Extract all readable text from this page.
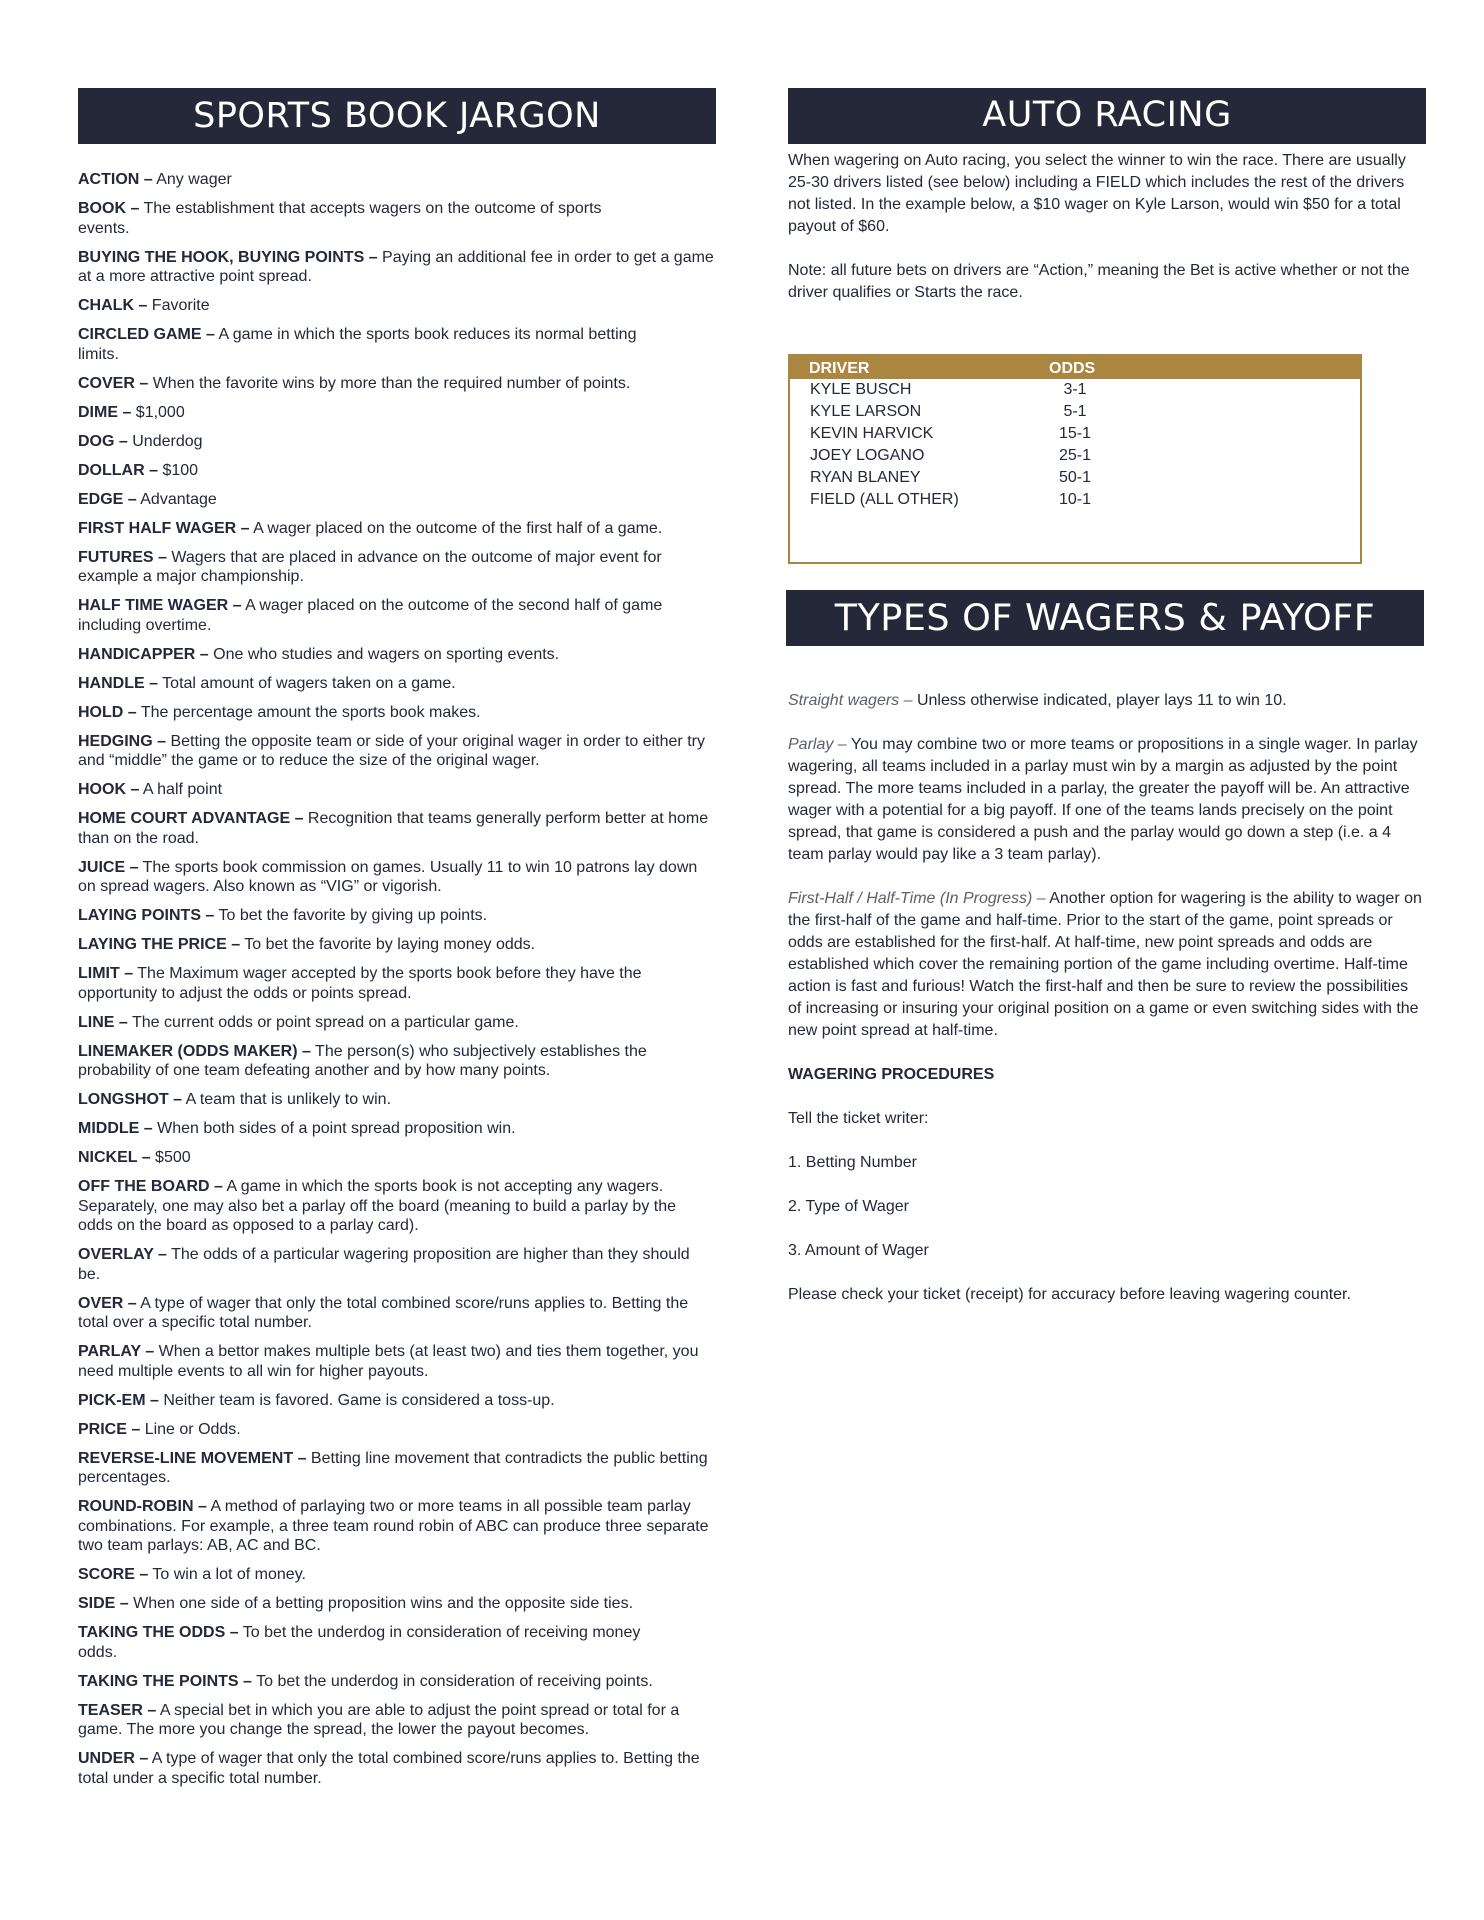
SPORTS BOOK JARGON
ACTION – Any wager
BOOK – The establishment that accepts wagers on the outcome of sports events.
BUYING THE HOOK, BUYING POINTS – Paying an additional fee in order to get a game at a more attractive point spread.
CHALK – Favorite
CIRCLED GAME – A game in which the sports book reduces its normal betting limits.
COVER – When the favorite wins by more than the required number of points.
DIME – $1,000
DOG – Underdog
DOLLAR – $100
EDGE – Advantage
FIRST HALF WAGER – A wager placed on the outcome of the first half of a game.
FUTURES – Wagers that are placed in advance on the outcome of major event for example a major championship.
HALF TIME WAGER – A wager placed on the outcome of the second half of game including overtime.
HANDICAPPER – One who studies and wagers on sporting events.
HANDLE – Total amount of wagers taken on a game.
HOLD – The percentage amount the sports book makes.
HEDGING – Betting the opposite team or side of your original wager in order to either try and “middle” the game or to reduce the size of the original wager.
HOOK – A half point
HOME COURT ADVANTAGE – Recognition that teams generally perform better at home than on the road.
JUICE – The sports book commission on games. Usually 11 to win 10 patrons lay down on spread wagers. Also known as “VIG” or vigorish.
LAYING POINTS – To bet the favorite by giving up points.
LAYING THE PRICE – To bet the favorite by laying money odds.
LIMIT – The Maximum wager accepted by the sports book before they have the opportunity to adjust the odds or points spread.
LINE – The current odds or point spread on a particular game.
LINEMAKER (ODDS MAKER) – The person(s) who subjectively establishes the probability of one team defeating another and by how many points.
LONGSHOT – A team that is unlikely to win.
MIDDLE – When both sides of a point spread proposition win.
NICKEL – $500
OFF THE BOARD – A game in which the sports book is not accepting any wagers. Separately, one may also bet a parlay off the board (meaning to build a parlay by the odds on the board as opposed to a parlay card).
OVERLAY – The odds of a particular wagering proposition are higher than they should be.
OVER – A type of wager that only the total combined score/runs applies to. Betting the total over a specific total number.
PARLAY – When a bettor makes multiple bets (at least two) and ties them together, you need multiple events to all win for higher payouts.
PICK-EM – Neither team is favored. Game is considered a toss-up.
PRICE – Line or Odds.
REVERSE-LINE MOVEMENT – Betting line movement that contradicts the public betting percentages.
ROUND-ROBIN – A method of parlaying two or more teams in all possible team parlay combinations. For example, a three team round robin of ABC can produce three separate two team parlays: AB, AC and BC.
SCORE – To win a lot of money.
SIDE – When one side of a betting proposition wins and the opposite side ties.
TAKING THE ODDS – To bet the underdog in consideration of receiving money odds.
TAKING THE POINTS – To bet the underdog in consideration of receiving points.
TEASER – A special bet in which you are able to adjust the point spread or total for a game. The more you change the spread, the lower the payout becomes.
UNDER – A type of wager that only the total combined score/runs applies to. Betting the total under a specific total number.
AUTO RACING

When wagering on Auto racing, you select the winner to win the race. There are usually 25-30 drivers listed (see below) including a FIELD which includes the rest of the drivers not listed. In the example below, a $10 wager on Kyle Larson, would win $50 for a total payout of $60.

Note: all future bets on drivers are “Action,” meaning the Bet is active whether or not the driver qualifies or Starts the race.

DRIVER	ODDS
KYLE BUSCH	3-1
KYLE LARSON	5-1
KEVIN HARVICK	15-1
JOEY LOGANO	25-1
RYAN BLANEY	50-1
FIELD (ALL OTHER)	10-1
TYPES OF WAGERS & PAYOFF ODDS

Straight wagers – Unless otherwise indicated, player lays 11 to win 10.

Parlay – You may combine two or more teams or propositions in a single wager. In parlay wagering, all teams included in a parlay must win by a margin as adjusted by the point spread. The more teams included in a parlay, the greater the payoff will be. An attractive wager with a potential for a big payoff. If one of the teams lands precisely on the point spread, that game is considered a push and the parlay would go down a step (i.e. a 4 team parlay would pay like a 3 team parlay).

First-Half / Half-Time (In Progress) – Another option for wagering is the ability to wager on the first-half of the game and half-time. Prior to the start of the game, point spreads or odds are established for the first-half. At half-time, new point spreads and odds are established which cover the remaining portion of the game including overtime. Half-time action is fast and furious! Watch the first-half and then be sure to review the possibilities of increasing or insuring your original position on a game or even switching sides with the new point spread at half-time.

WAGERING PROCEDURES

Tell the ticket writer:

1. Betting Number

2. Type of Wager

3. Amount of Wager

Please check your ticket (receipt) for accuracy before leaving wagering counter.
